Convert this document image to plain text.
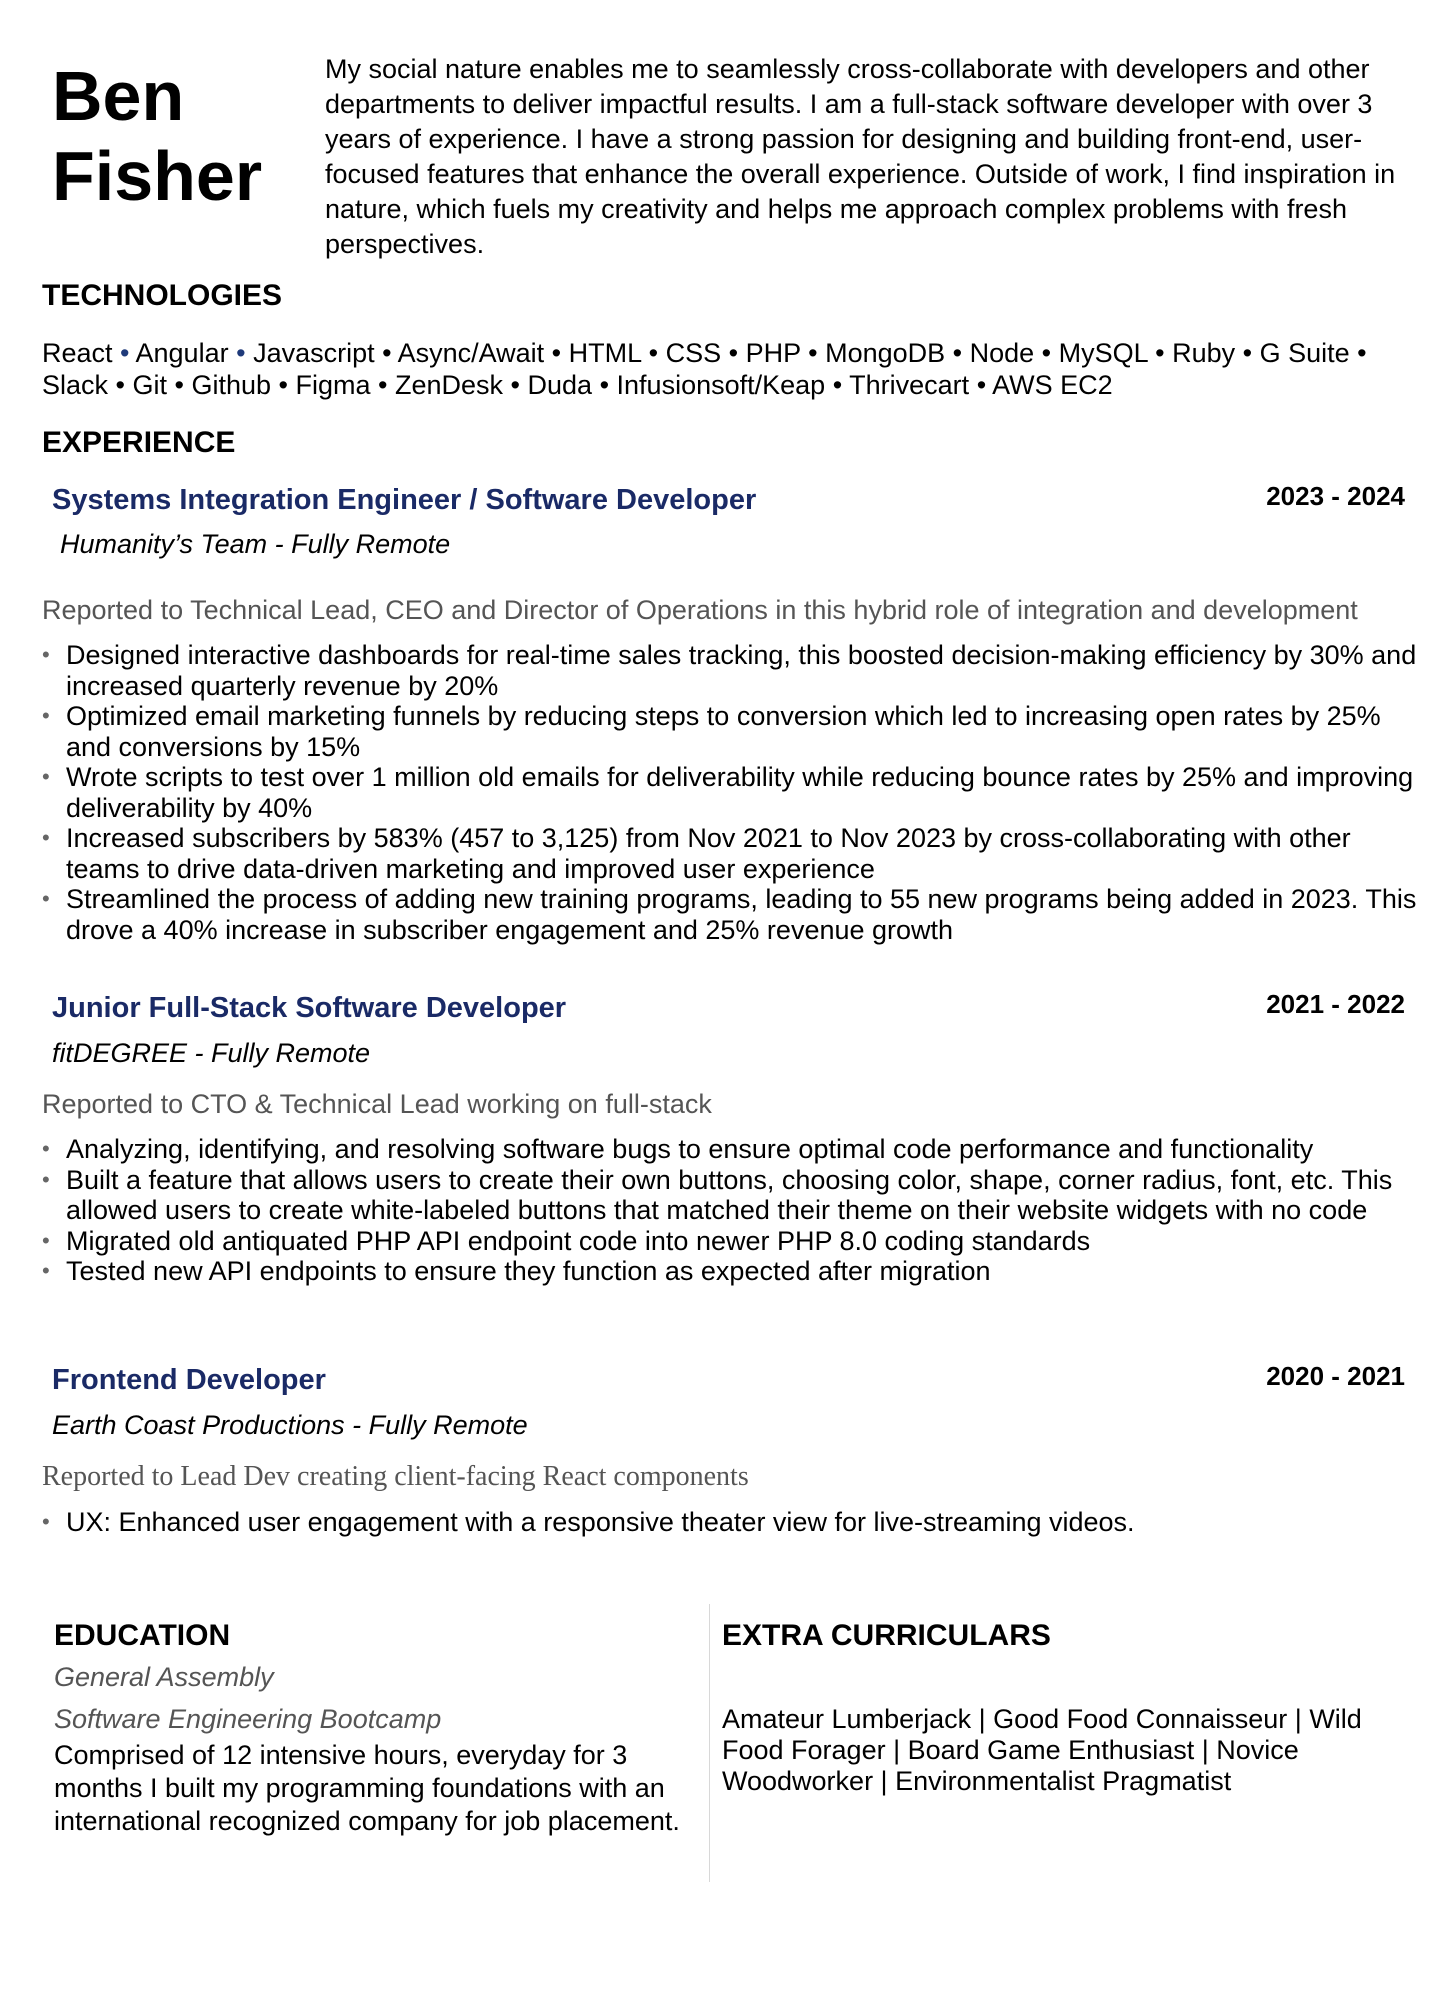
Ben
Fisher
My social nature enables me to seamlessly cross-collaborate with developers and other departments to deliver impactful results. I am a full-stack software developer with over 3 years of experience. I have a strong passion for designing and building front-end, user-focused features that enhance the overall experience. Outside of work, I find inspiration in nature, which fuels my creativity and helps me approach complex problems with fresh perspectives.
TECHNOLOGIES
React • Angular • Javascript • Async/Await • HTML • CSS • PHP • MongoDB • Node • MySQL • Ruby • G Suite • Slack • Git • Github • Figma • ZenDesk • Duda • Infusionsoft/Keap • Thrivecart • AWS EC2
EXPERIENCE
Systems Integration Engineer / Software Developer	2023 - 2024
Humanity’s Team - Fully Remote
Reported to Technical Lead, CEO and Director of Operations in this hybrid role of integration and development
• Designed interactive dashboards for real-time sales tracking, this boosted decision-making efficiency by 30% and increased quarterly revenue by 20%
• Optimized email marketing funnels by reducing steps to conversion which led to increasing open rates by 25% and conversions by 15%
• Wrote scripts to test over 1 million old emails for deliverability while reducing bounce rates by 25% and improving deliverability by 40%
• Increased subscribers by 583% (457 to 3,125) from Nov 2021 to Nov 2023 by cross-collaborating with other teams to drive data-driven marketing and improved user experience
• Streamlined the process of adding new training programs, leading to 55 new programs being added in 2023. This drove a 40% increase in subscriber engagement and 25% revenue growth
Junior Full-Stack Software Developer	2021 - 2022
fitDEGREE - Fully Remote
Reported to CTO & Technical Lead working on full-stack
• Analyzing, identifying, and resolving software bugs to ensure optimal code performance and functionality
• Built a feature that allows users to create their own buttons, choosing color, shape, corner radius, font, etc. This allowed users to create white-labeled buttons that matched their theme on their website widgets with no code
• Migrated old antiquated PHP API endpoint code into newer PHP 8.0 coding standards
• Tested new API endpoints to ensure they function as expected after migration
Frontend Developer	2020 - 2021
Earth Coast Productions - Fully Remote
Reported to Lead Dev creating client-facing React components
• UX: Enhanced user engagement with a responsive theater view for live-streaming videos.
EDUCATION
General Assembly
Software Engineering Bootcamp
Comprised of 12 intensive hours, everyday for 3 months I built my programming foundations with an international recognized company for job placement.
EXTRA CURRICULARS
Amateur Lumberjack | Good Food Connaisseur | Wild Food Forager | Board Game Enthusiast | Novice Woodworker | Environmentalist Pragmatist
